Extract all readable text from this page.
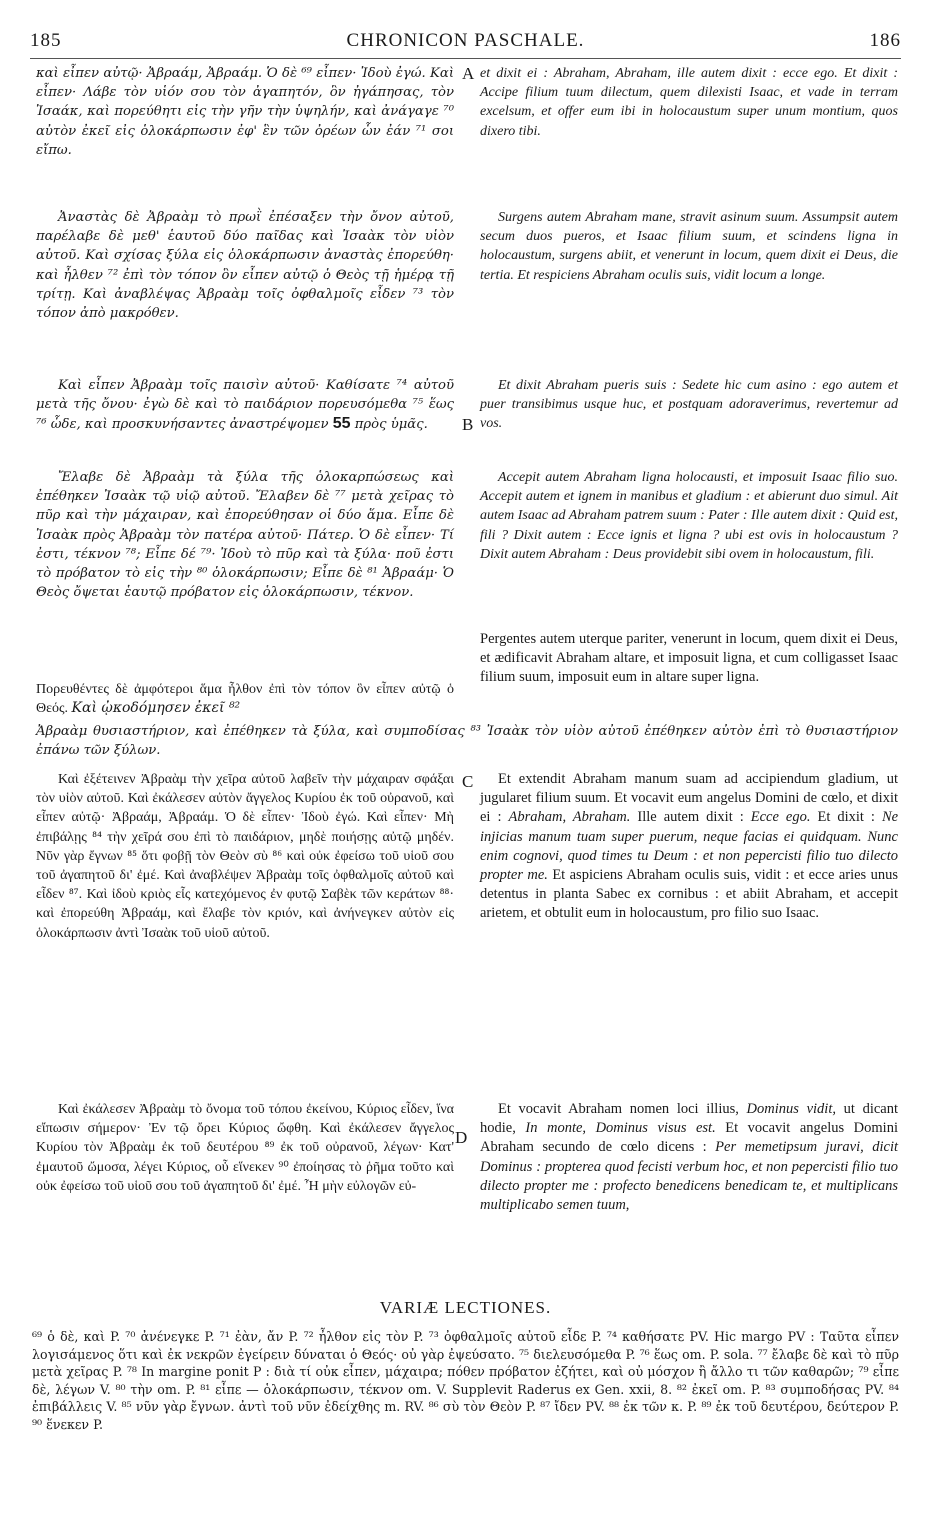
185	CHRONICON PASCHALE.	186
καὶ εἶπεν αὐτῷ· Ἀβραάμ, Ἀβραάμ. Ὁ δὲ ⁶⁹ εἶπεν· Ἰδοὺ ἐγώ. Καὶ εἶπεν· Λάβε τὸν υἱόν σου τὸν ἀγαπητόν, ὃν ἠγάπησας, τὸν Ἰσαάκ, καὶ πορεύθητι εἰς τὴν γῆν τὴν ὑψηλήν, καὶ ἀνάγαγε ⁷⁰ αὐτὸν ἐκεῖ εἰς ὁλοκάρπωσιν ἐφ' ἓν τῶν ὀρέων ὧν ἐάν ⁷¹ σοι εἴπω.
A et dixit ei : Abraham, Abraham, ille autem dixit : ecce ego. Et dixit : Accipe filium tuum dilectum, quem dilexisti Isaac, et vade in terram excelsum, et offer eum ibi in holocaustum super unum montium, quos dixero tibi.
Ἀναστὰς δὲ Ἀβραὰμ τὸ πρωῒ ἐπέσαξεν τὴν ὄνον αὐτοῦ, παρέλαβε δὲ μεθ' ἑαυτοῦ δύο παῖδας καὶ Ἰσαὰκ τὸν υἱὸν αὐτοῦ. Καὶ σχίσας ξύλα εἰς ὁλοκάρπωσιν ἀναστὰς ἐπορεύθη· καὶ ἦλθεν ⁷² ἐπὶ τὸν τόπον ὃν εἶπεν αὐτῷ ὁ Θεὸς τῇ ἡμέρᾳ τῇ τρίτῃ. Καὶ ἀναβλέψας Ἀβραὰμ τοῖς ὀφθαλμοῖς εἶδεν ⁷³ τὸν τόπον ἀπὸ μακρόθεν.
Surgens autem Abraham mane, stravit asinum suum. Assumpsit autem secum duos pueros, et Isaac filium suum, et scindens ligna in holocaustum, surgens abiit, et venerunt in locum, quem dixit ei Deus, die tertia. Et respiciens Abraham oculis suis, vidit locum a longe.
Καὶ εἶπεν Ἀβραὰμ τοῖς παισὶν αὐτοῦ· Καθίσατε ⁷⁴ αὐτοῦ μετὰ τῆς ὄνου· ἐγὼ δὲ καὶ τὸ παιδάριον πορευσόμεθα ⁷⁵ ἕως ⁷⁶ ὧδε, καὶ προσκυνήσαντες ἀναστρέψομεν 55 πρὸς ὑμᾶς.	B
Et dixit Abraham pueris suis : Sedete hic cum asino : ego autem et puer transibimus usque huc, et postquam adoraverimus, revertemur ad vos.
Ἔλαβε δὲ Ἀβραὰμ τὰ ξύλα τῆς ὁλοκαρπώσεως καὶ ἐπέθηκεν Ἰσαὰκ τῷ υἱῷ αὐτοῦ. Ἔλαβεν δὲ ⁷⁷ μετὰ χεῖρας τὸ πῦρ καὶ τὴν μάχαιραν, καὶ ἐπορεύθησαν οἱ δύο ἅμα. Εἶπε δὲ Ἰσαὰκ πρὸς Ἀβραὰμ τὸν πατέρα αὐτοῦ· Πάτερ. Ὁ δὲ εἶπεν· Τί ἐστι, τέκνον ⁷⁸; Εἶπε δέ ⁷⁹· Ἰδοὺ τὸ πῦρ καὶ τὰ ξύλα· ποῦ ἐστι τὸ πρόβατον τὸ εἰς τὴν ⁸⁰ ὁλοκάρπωσιν; Εἶπε δὲ ⁸¹ Ἀβραάμ· Ὁ Θεὸς ὄψεται ἑαυτῷ πρόβατον εἰς ὁλοκάρπωσιν, τέκνον.
Accepit autem Abraham ligna holocausti, et imposuit Isaac filio suo. Accepit autem et ignem in manibus et gladium : et abierunt duo simul. Ait autem Isaac ad Abraham patrem suum : Pater : Ille autem dixit : Quid est, fili ? Dixit autem : Ecce ignis et ligna ? ubi est ovis in holocaustum ? Dixit autem Abraham : Deus providebit sibi ovem in holocaustum, fili.
Πορευθέντες δὲ ἀμφότεροι ἅμα ἦλθον ἐπὶ τὸν τόπον ὃν εἶπεν αὐτῷ ὁ Θεός. Καὶ ᾠκοδόμησεν ἐκεῖ ⁸²
Pergentes autem uterque pariter, venerunt in locum, quem dixit ei Deus, et ædificavit Abraham altare, et imposuit ligna, et cum colligasset Isaac filium suum, imposuit eum in altare super ligna.
Ἀβραὰμ θυσιαστήριον, καὶ ἐπέθηκεν τὰ ξύλα, καὶ συμποδίσας ⁸³ Ἰσαὰκ τὸν υἱὸν αὐτοῦ ἐπέθηκεν αὐτὸν ἐπὶ τὸ θυσιαστήριον ἐπάνω τῶν ξύλων.
Καὶ ἐξέτεινεν Ἀβραὰμ τὴν χεῖρα αὐτοῦ λαβεῖν τὴν μάχαιραν σφάξαι τὸν υἱὸν αὐτοῦ. Καὶ ἐκάλεσεν αὐτὸν ἄγγελος Κυρίου ἐκ τοῦ οὐρανοῦ, καὶ εἶπεν αὐτῷ· Ἀβραάμ, Ἀβραάμ. Ὁ δὲ εἶπεν· Ἰδοὺ ἐγώ. Καὶ εἶπεν· Μὴ ἐπιβάλῃς ⁸⁴ τὴν χεῖρά σου ἐπὶ τὸ παιδάριον, μηδὲ ποιήσῃς αὐτῷ μηδέν. Νῦν γὰρ ἔγνων ⁸⁵ ὅτι φοβῇ τὸν Θεὸν σὺ ⁸⁶ καὶ οὐκ ἐφείσω τοῦ υἱοῦ σου τοῦ ἀγαπητοῦ δι' ἐμέ. Καὶ ἀναβλέψεν Ἀβραὰμ τοῖς ὀφθαλμοῖς αὐτοῦ καὶ εἶδεν ⁸⁷. Καὶ ἰδοὺ κριὸς εἷς κατεχόμενος ἐν φυτῷ Σαβὲκ τῶν κεράτων ⁸⁸· καὶ ἐπορεύθη Ἀβραάμ, καὶ ἔλαβε τὸν κριόν, καὶ ἀνήνεγκεν αὐτὸν εἰς ὁλοκάρπωσιν ἀντὶ Ἰσαὰκ τοῦ υἱοῦ αὐτοῦ.
C	Et extendit Abraham manum suam ad accipiendum gladium, ut jugularet filium suum. Et vocavit eum angelus Domini de cœlo, et dixit ei : Abraham, Abraham. Ille autem dixit : Ecce ego. Et dixit : Ne injicias manum tuam super puerum, neque facias ei quidquam. Nunc enim cognovi, quod times tu Deum : et non pepercisti filio tuo dilecto propter me. Et aspiciens Abraham oculis suis, vidit : et ecce aries unus detentus in planta Sabec ex cornibus : et abiit Abraham, et accepit arietem, et obtulit eum in holocaustum, pro filio suo Isaac.
Καὶ ἐκάλεσεν Ἀβραὰμ τὸ ὄνομα τοῦ τόπου ἐκείνου, Κύριος εἶδεν, ἵνα εἴπωσιν σήμερον· Ἐν τῷ ὄρει Κύριος ὤφθη. Καὶ ἐκάλεσεν ἄγγελος Κυρίου τὸν Ἀβραὰμ ἐκ τοῦ δευτέρου ⁸⁹ ἐκ τοῦ οὐρανοῦ, λέγων· Κατ' ἐμαυτοῦ ὤμοσα, λέγει Κύριος, οὗ εἵνεκεν ⁹⁰ ἐποίησας τὸ ῥῆμα τοῦτο καὶ οὐκ ἐφείσω τοῦ υἱοῦ σου τοῦ ἀγαπητοῦ δι' ἐμέ. Ἦ μὴν εὐλογῶν εὐ-
D
Et vocavit Abraham nomen loci illius, Dominus vidit, ut dicant hodie, In monte, Dominus visus est. Et vocavit angelus Domini Abraham secundo de cœlo dicens : Per memetipsum juravi, dicit Dominus : propterea quod fecisti verbum hoc, et non pepercisti filio tuo dilecto propter me : profecto benedicens benedicam te, et multiplicans multiplicabo semen tuum,
VARIÆ LECTIONES.
⁶⁹ ὁ δὲ, καὶ P. ⁷⁰ ἀνένεγκε P. ⁷¹ ἐὰν, ἄν P. ⁷² ἦλθον εἰς τὸν P. ⁷³ ὀφθαλμοῖς αὐτοῦ εἶδε P. ⁷⁴ καθήσατε PV. Hic margo PV : Ταῦτα εἶπεν λογισάμενος ὅτι καὶ ἐκ νεκρῶν ἐγείρειν δύναται ὁ Θεός· οὐ γὰρ ἐψεύσατο. ⁷⁵ διελευσόμεθα P. ⁷⁶ ἕως om. P. sola. ⁷⁷ ἔλαβε δὲ καὶ τὸ πῦρ μετὰ χεῖρας P. ⁷⁸ In margine ponit P : διὰ τί οὐκ εἶπεν, μάχαιρα; πόθεν πρόβατον ἐζήτει, καὶ οὐ μόσχον ἢ ἄλλο τι τῶν καθαρῶν; ⁷⁹ εἶπε δὲ, λέγων V. ⁸⁰ τὴν om. P. ⁸¹ εἶπε — ὁλοκάρπωσιν, τέκνον om. V. Supplevit Raderus ex Gen. xxii, 8. ⁸² ἐκεῖ om. P. ⁸³ συμποδήσας PV. ⁸⁴ ἐπιβάλλεις V. ⁸⁵ νῦν γὰρ ἔγνων. ἀντὶ τοῦ νῦν ἐδείχθης m. RV. ⁸⁶ σὺ τὸν Θεὸν P. ⁸⁷ ἴδεν PV. ⁸⁸ ἐκ τῶν κ. P. ⁸⁹ ἐκ τοῦ δευτέρου, δεύτερον P. ⁹⁰ ἕνεκεν P.
